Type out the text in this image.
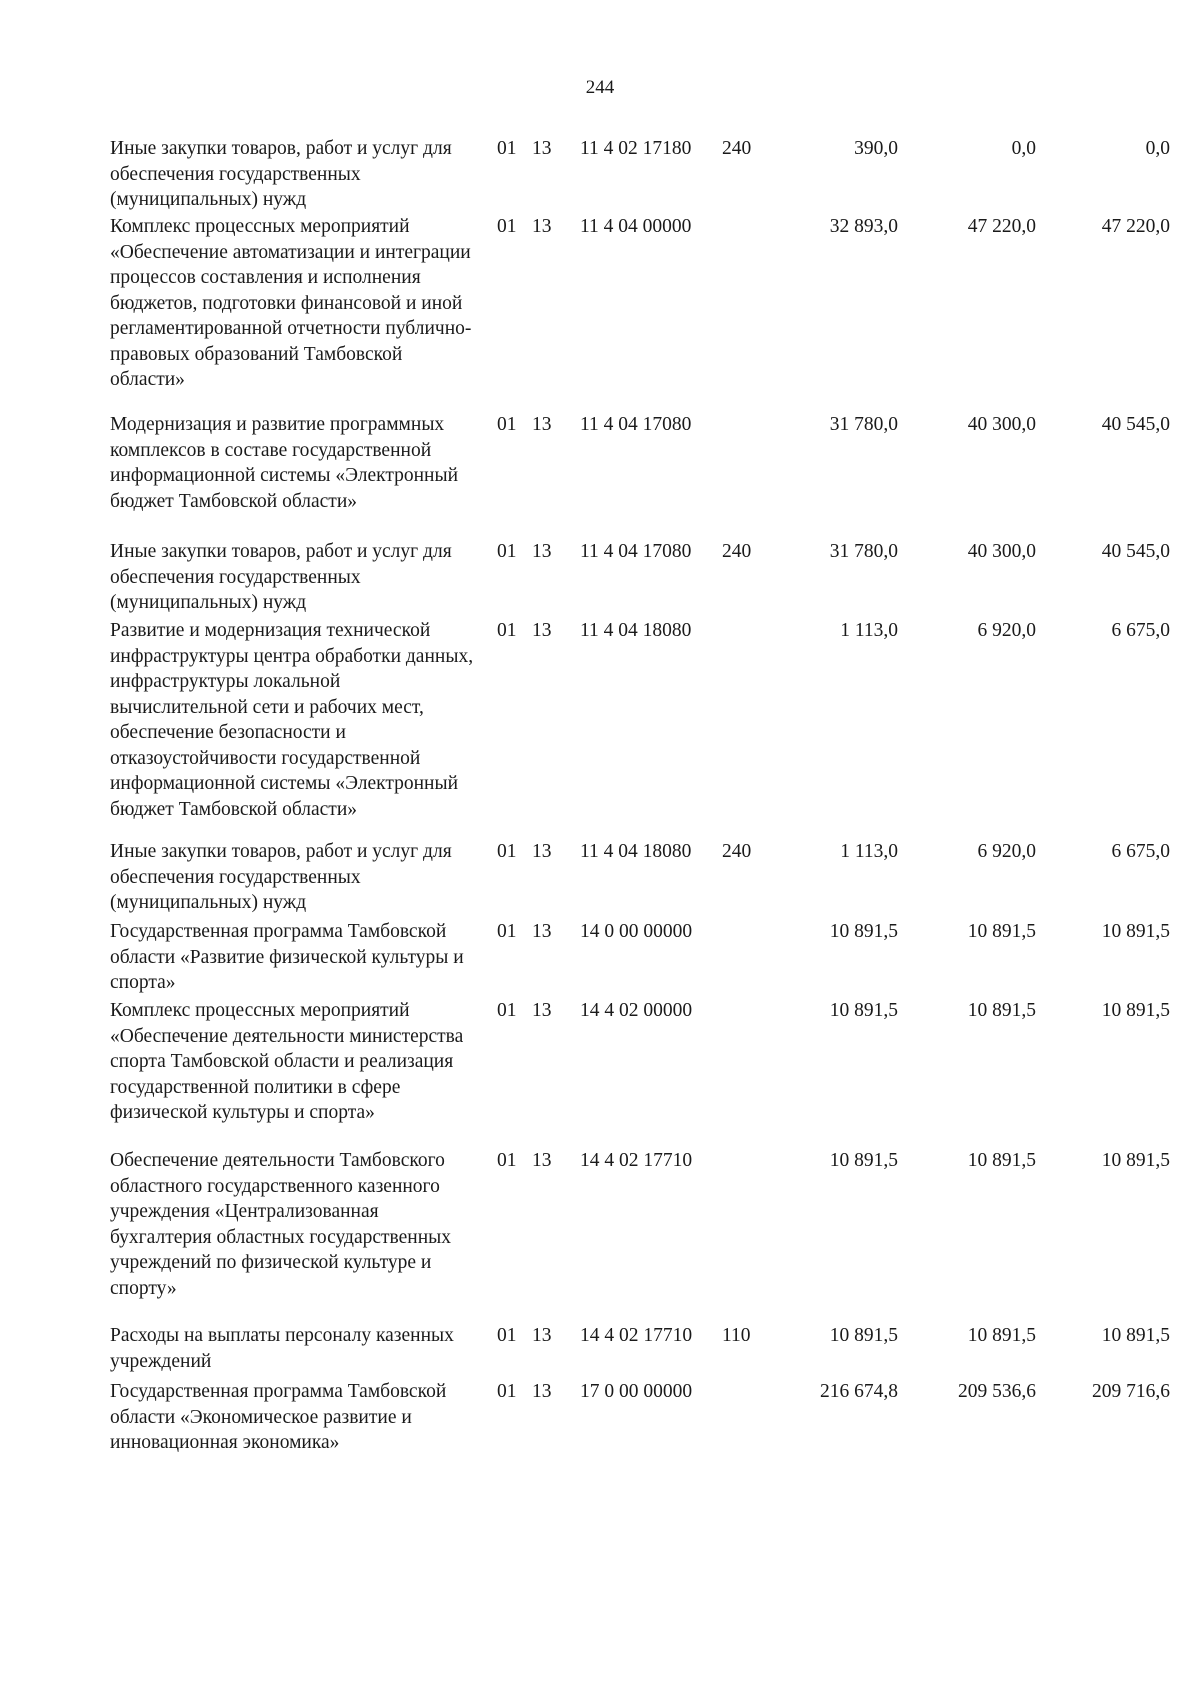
244
Иные закупки товаров, работ и услуг для обеспечения государственных (муниципальных) нужд
01 13 11 4 02 17180 240	390,0	0,0	0,0
Комплекс процессных мероприятий «Обеспечение автоматизации и интеграции процессов составления и исполнения бюджетов, подготовки финансовой и иной регламентированной отчетности публично-правовых образований Тамбовской области»
01 13 11 4 04 00000	32 893,0	47 220,0	47 220,0
Модернизация и развитие программных комплексов в составе государственной информационной системы «Электронный бюджет Тамбовской области»
01 13 11 4 04 17080	31 780,0	40 300,0	40 545,0
Иные закупки товаров, работ и услуг для обеспечения государственных (муниципальных) нужд
01 13 11 4 04 17080 240	31 780,0	40 300,0	40 545,0
Развитие и модернизация технической инфраструктуры центра обработки данных, инфраструктуры локальной вычислительной сети и рабочих мест, обеспечение безопасности и отказоустойчивости государственной информационной системы «Электронный бюджет Тамбовской области»
01 13 11 4 04 18080	1 113,0	6 920,0	6 675,0
Иные закупки товаров, работ и услуг для обеспечения государственных (муниципальных) нужд
01 13 11 4 04 18080 240	1 113,0	6 920,0	6 675,0
Государственная программа Тамбовской области «Развитие физической культуры и спорта»
01 13 14 0 00 00000	10 891,5	10 891,5	10 891,5
Комплекс процессных мероприятий «Обеспечение деятельности министерства спорта Тамбовской области и реализация государственной политики в сфере физической культуры и спорта»
01 13 14 4 02 00000	10 891,5	10 891,5	10 891,5
Обеспечение деятельности Тамбовского областного государственного казенного учреждения «Централизованная бухгалтерия областных государственных учреждений по физической культуре и спорту»
01 13 14 4 02 17710	10 891,5	10 891,5	10 891,5
Расходы на выплаты персоналу казенных учреждений
01 13 14 4 02 17710 110	10 891,5	10 891,5	10 891,5
Государственная программа Тамбовской области «Экономическое развитие и инновационная экономика»
01 13 17 0 00 00000	216 674,8	209 536,6	209 716,6
